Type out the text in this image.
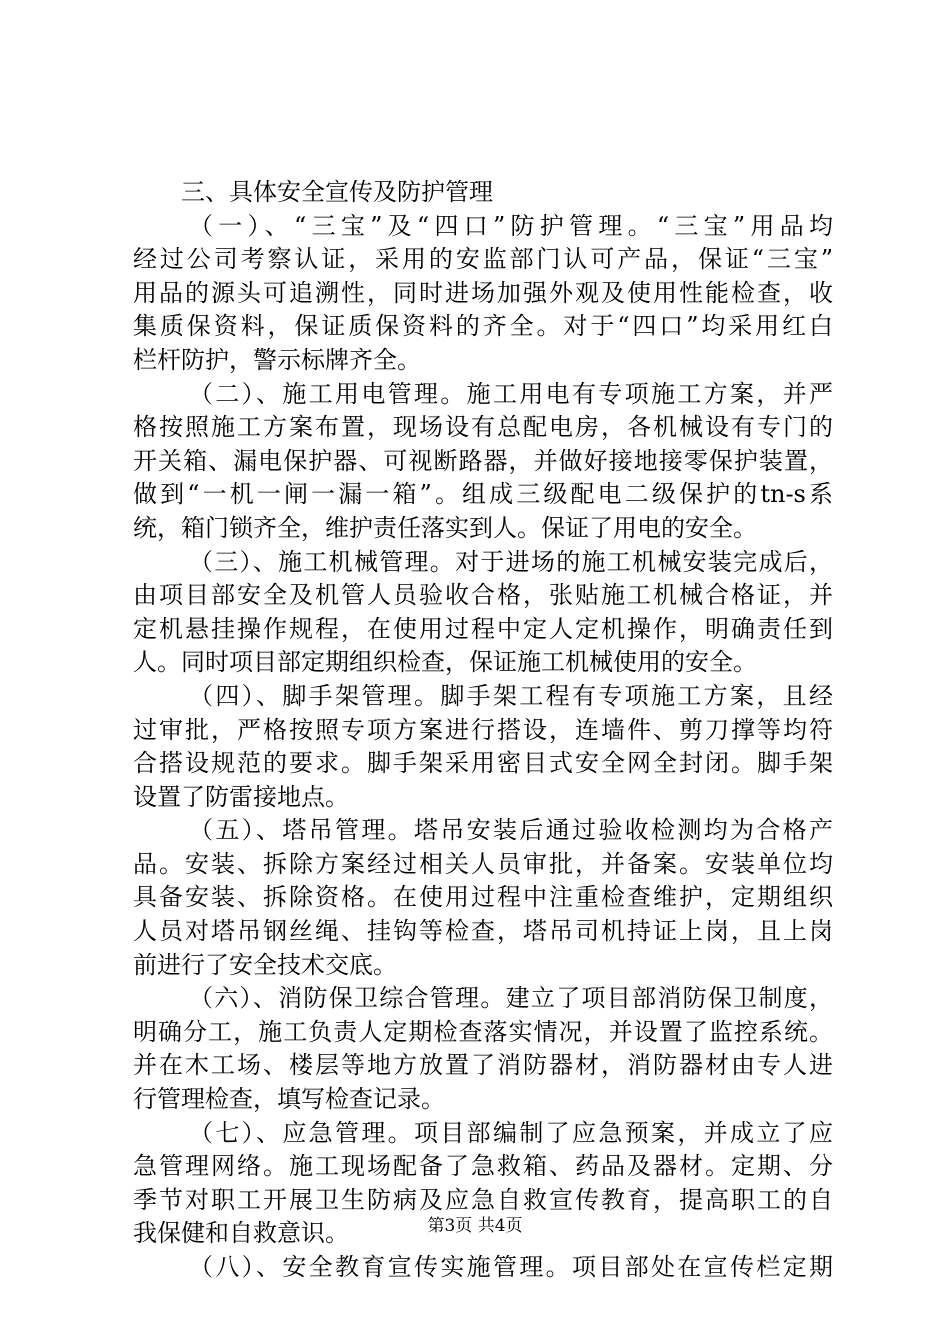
三、具体安全宣传及防护管理
（一）、“三宝”及“四口”防护管理。“三宝”用品均
经过公司考察认证，采用的安监部门认可产品，保证“三宝”
用品的源头可追溯性，同时进场加强外观及使用性能检查，收
集质保资料，保证质保资料的齐全。对于“四口”均采用红白
栏杆防护，警示标牌齐全。
（二）、施工用电管理。施工用电有专项施工方案，并严
格按照施工方案布置，现场设有总配电房，各机械设有专门的
开关箱、漏电保护器、可视断路器，并做好接地接零保护装置，
做到“一机一闸一漏一箱”。组成三级配电二级保护的tn-s系
统，箱门锁齐全，维护责任落实到人。保证了用电的安全。
（三）、施工机械管理。对于进场的施工机械安装完成后，
由项目部安全及机管人员验收合格，张贴施工机械合格证，并
定机悬挂操作规程，在使用过程中定人定机操作，明确责任到
人。同时项目部定期组织检查，保证施工机械使用的安全。
（四）、脚手架管理。脚手架工程有专项施工方案，且经
过审批，严格按照专项方案进行搭设，连墙件、剪刀撑等均符
合搭设规范的要求。脚手架采用密目式安全网全封闭。脚手架
设置了防雷接地点。
（五）、塔吊管理。塔吊安装后通过验收检测均为合格产
品。安装、拆除方案经过相关人员审批，并备案。安装单位均
具备安装、拆除资格。在使用过程中注重检查维护，定期组织
人员对塔吊钢丝绳、挂钩等检查，塔吊司机持证上岗，且上岗
前进行了安全技术交底。
（六）、消防保卫综合管理。建立了项目部消防保卫制度，
明确分工，施工负责人定期检查落实情况，并设置了监控系统。
并在木工场、楼层等地方放置了消防器材，消防器材由专人进
行管理检查，填写检查记录。
（七）、应急管理。项目部编制了应急预案，并成立了应
急管理网络。施工现场配备了急救箱、药品及器材。定期、分
季节对职工开展卫生防病及应急自救宣传教育，提高职工的自
我保健和自救意识。
（八）、安全教育宣传实施管理。项目部处在宣传栏定期
第3页 共4页
